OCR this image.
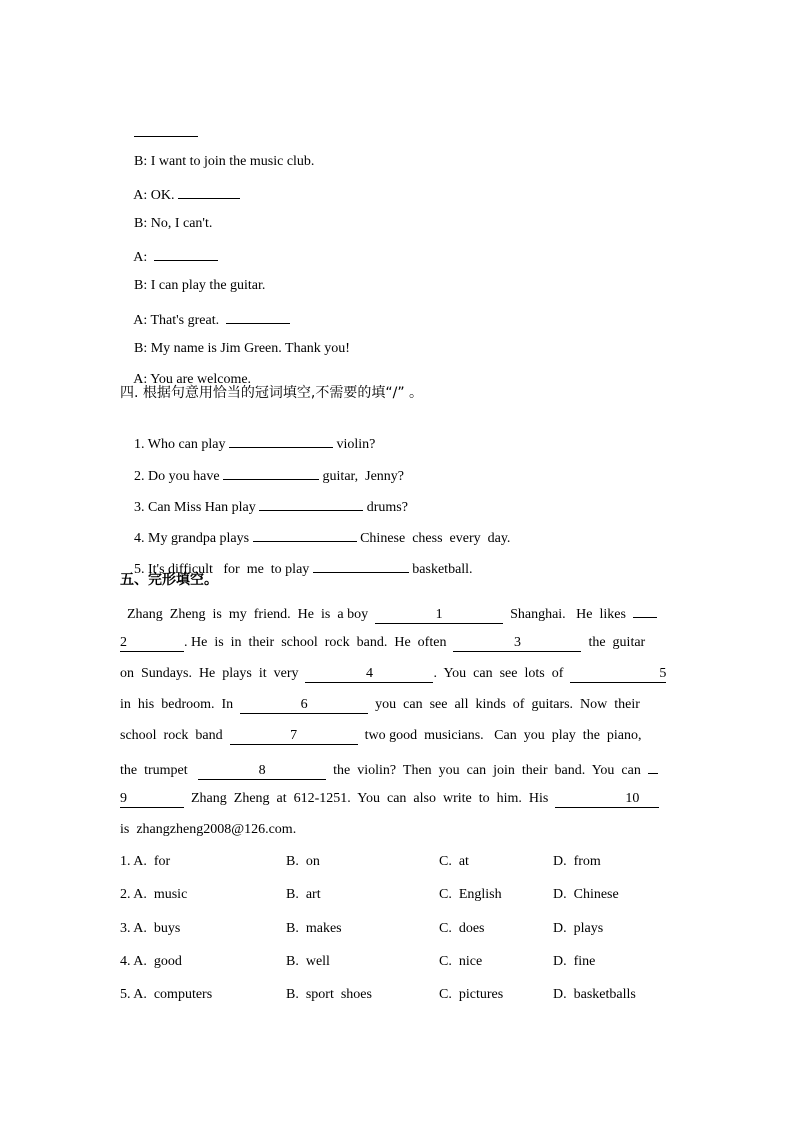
B: I want to join the music club.

A: OK.

B: No, I can't.

A:

B: I can play the guitar.

A: That's great.

B: My name is Jim Green. Thank you!

A: You are welcome.

四. 根据句意用恰当的冠词填空,不需要的填“/” 。

1. Who can play	violin?

2. Do you have	guitar,  Jenny?

3. Can Miss Han play	drums?

4. My grandpa plays	Chinese  chess  every  day.

5. It's difficult   for  me  to play	basketball.

五、完形填空。
Zhang  Zheng  is  my  friend.  He  is  a boy	1	Shanghai.   He  likes
2	. He  is  in  their  school  rock  band.  He  often	3	the  guitar
on  Sundays.  He  plays  it  very	4	.  You  can  see  lots  of	5
in  his  bedroom.  In	6	you  can  see  all  kinds  of  guitars.  Now  their
school  rock  band	7	two good  musicians.   Can  you  play  the  piano,
the  trumpet	8	the  violin?  Then  you  can  join  their  band.  You  can
9	Zhang  Zheng  at  612-1251.  You  can  also  write  to  him.  His	10
is  zhangzheng2008@126.com.
1. A.  for	B.  on	C.  at	D.  from
2. A.  music	B.  art	C.  English	D.  Chinese
3. A.  buys	B.  makes	C.  does	D.  plays
4. A.  good	B.  well	C.  nice	D.  fine
5. A.  computers	B.  sport  shoes	C.  pictures	D.  basketballs
